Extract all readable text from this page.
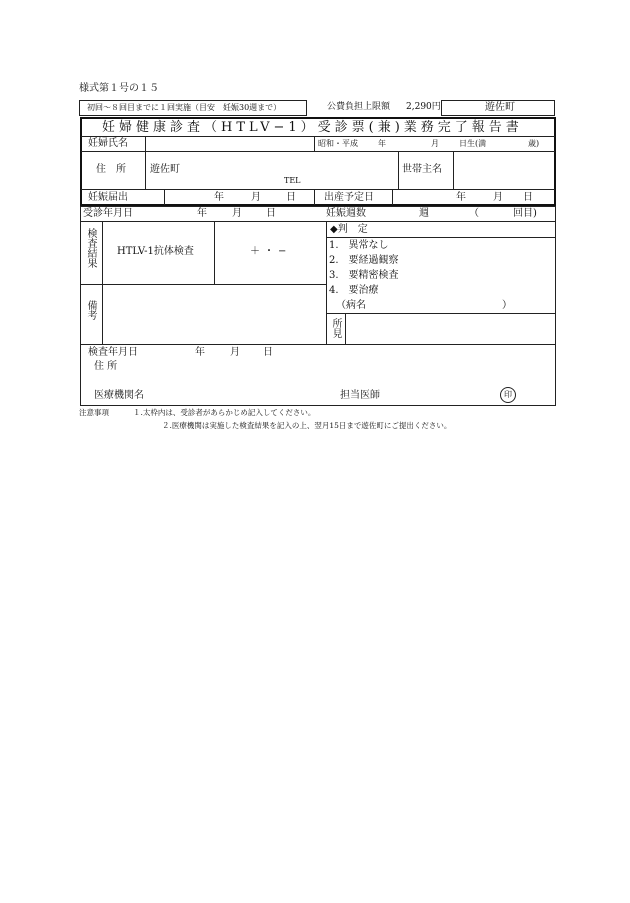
様式第１号の１５
初回～８回目までに１回実施（目安　妊娠30週まで）	公費負担上限額 2,290円	遊佐町
妊婦健康診査（HTLV−1）受診票(兼)業務完了報告書
妊婦氏名	昭和・平成	年	月	日生(満	歳)
住　所 遊佐町
TEL
世帯主名
妊娠届出	年	月	日	出産予定日	年	月 日
受診年月日	年	月 日	妊娠週数	週	（	回目)
検査結果 HTLV-1抗体検査	＋・−
◆判　定
1.　異常なし
2.　要経過観察
3.　要精密検査
4.　要治療
（病名	）
備考
所見
検査年月日	年	月 日
住 所
医療機関名	担当医師	印
注意事項	１.太枠内は、受診者があらかじめ記入してください。
２.医療機関は実施した検査結果を記入の上、翌月15日まで遊佐町にご提出ください。
